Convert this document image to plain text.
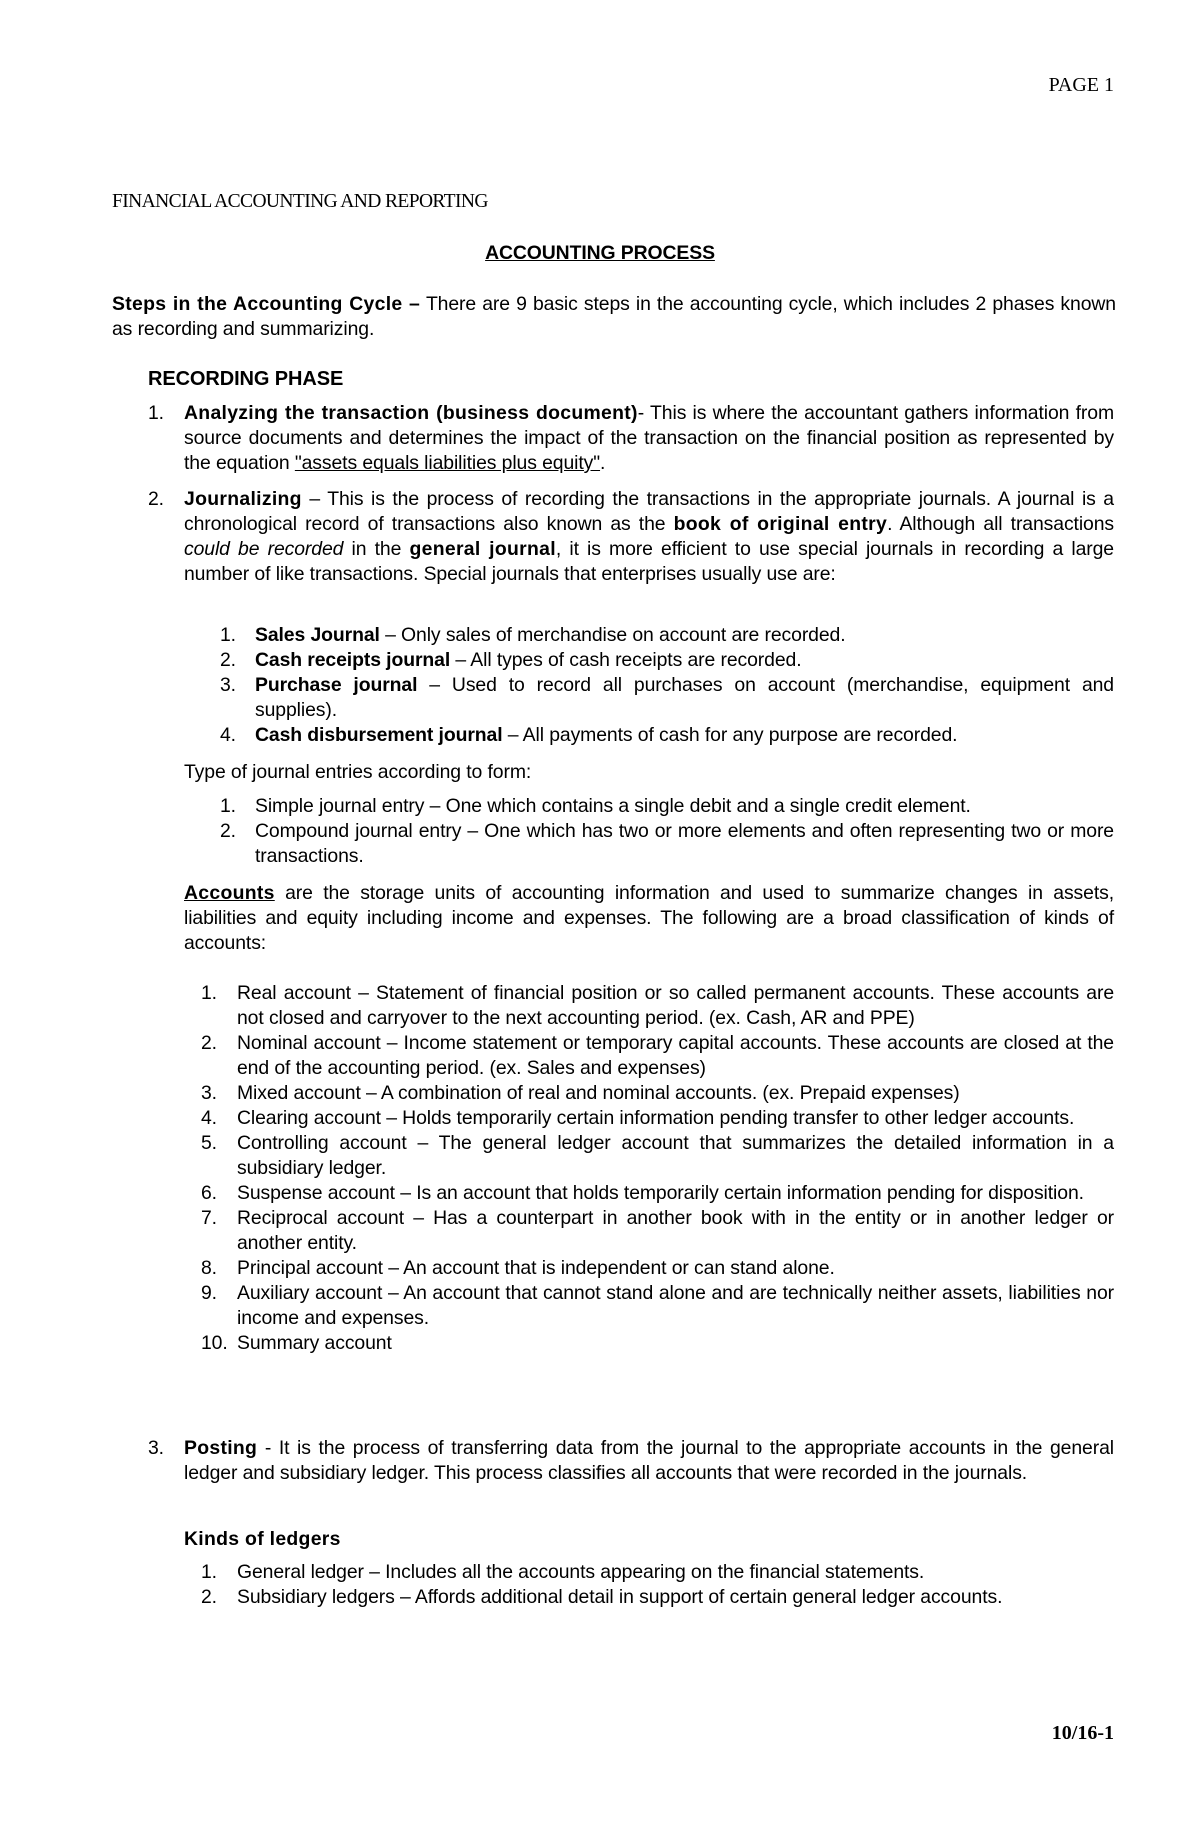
PAGE 1
FINANCIAL ACCOUNTING AND REPORTING
ACCOUNTING PROCESS

Steps in the Accounting Cycle – There are 9 basic steps in the accounting cycle, which includes 2 phases known as recording and summarizing.

RECORDING PHASE
1. Analyzing the transaction (business document)- This is where the accountant gathers information from source documents and determines the impact of the transaction on the financial position as represented by the equation "assets equals liabilities plus equity".

2. Journalizing – This is the process of recording the transactions in the appropriate journals. A journal is a chronological record of transactions also known as the book of original entry. Although all transactions could be recorded in the general journal, it is more efficient to use special journals in recording a large number of like transactions. Special journals that enterprises usually use are:

1. Sales Journal – Only sales of merchandise on account are recorded.

2. Cash receipts journal – All types of cash receipts are recorded.

3. Purchase journal – Used to record all purchases on account (merchandise, equipment and supplies).

4. Cash disbursement journal – All payments of cash for any purpose are recorded.

Type of journal entries according to form:
1. Simple journal entry – One which contains a single debit and a single credit element.

2. Compound journal entry – One which has two or more elements and often representing two or more transactions.

Accounts are the storage units of accounting information and used to summarize changes in assets, liabilities and equity including income and expenses. The following are a broad classification of kinds of accounts:

1. Real account – Statement of financial position or so called permanent accounts. These accounts are not closed and carryover to the next accounting period. (ex. Cash, AR and PPE)

2. Nominal account – Income statement or temporary capital accounts. These accounts are closed at the end of the accounting period. (ex. Sales and expenses)

3. Mixed account – A combination of real and nominal accounts. (ex. Prepaid expenses)

4. Clearing account – Holds temporarily certain information pending transfer to other ledger accounts.

5. Controlling account – The general ledger account that summarizes the detailed information in a subsidiary ledger.

6. Suspense account – Is an account that holds temporarily certain information pending for disposition.

7. Reciprocal account – Has a counterpart in another book with in the entity or in another ledger or another entity.

8. Principal account – An account that is independent or can stand alone.

9. Auxiliary account – An account that cannot stand alone and are technically neither assets, liabilities nor income and expenses.

10. Summary account

3. Posting - It is the process of transferring data from the journal to the appropriate accounts in the general ledger and subsidiary ledger. This process classifies all accounts that were recorded in the journals.

Kinds of ledgers
1. General ledger – Includes all the accounts appearing on the financial statements.

2. Subsidiary ledgers – Affords additional detail in support of certain general ledger accounts.

10/16-1
